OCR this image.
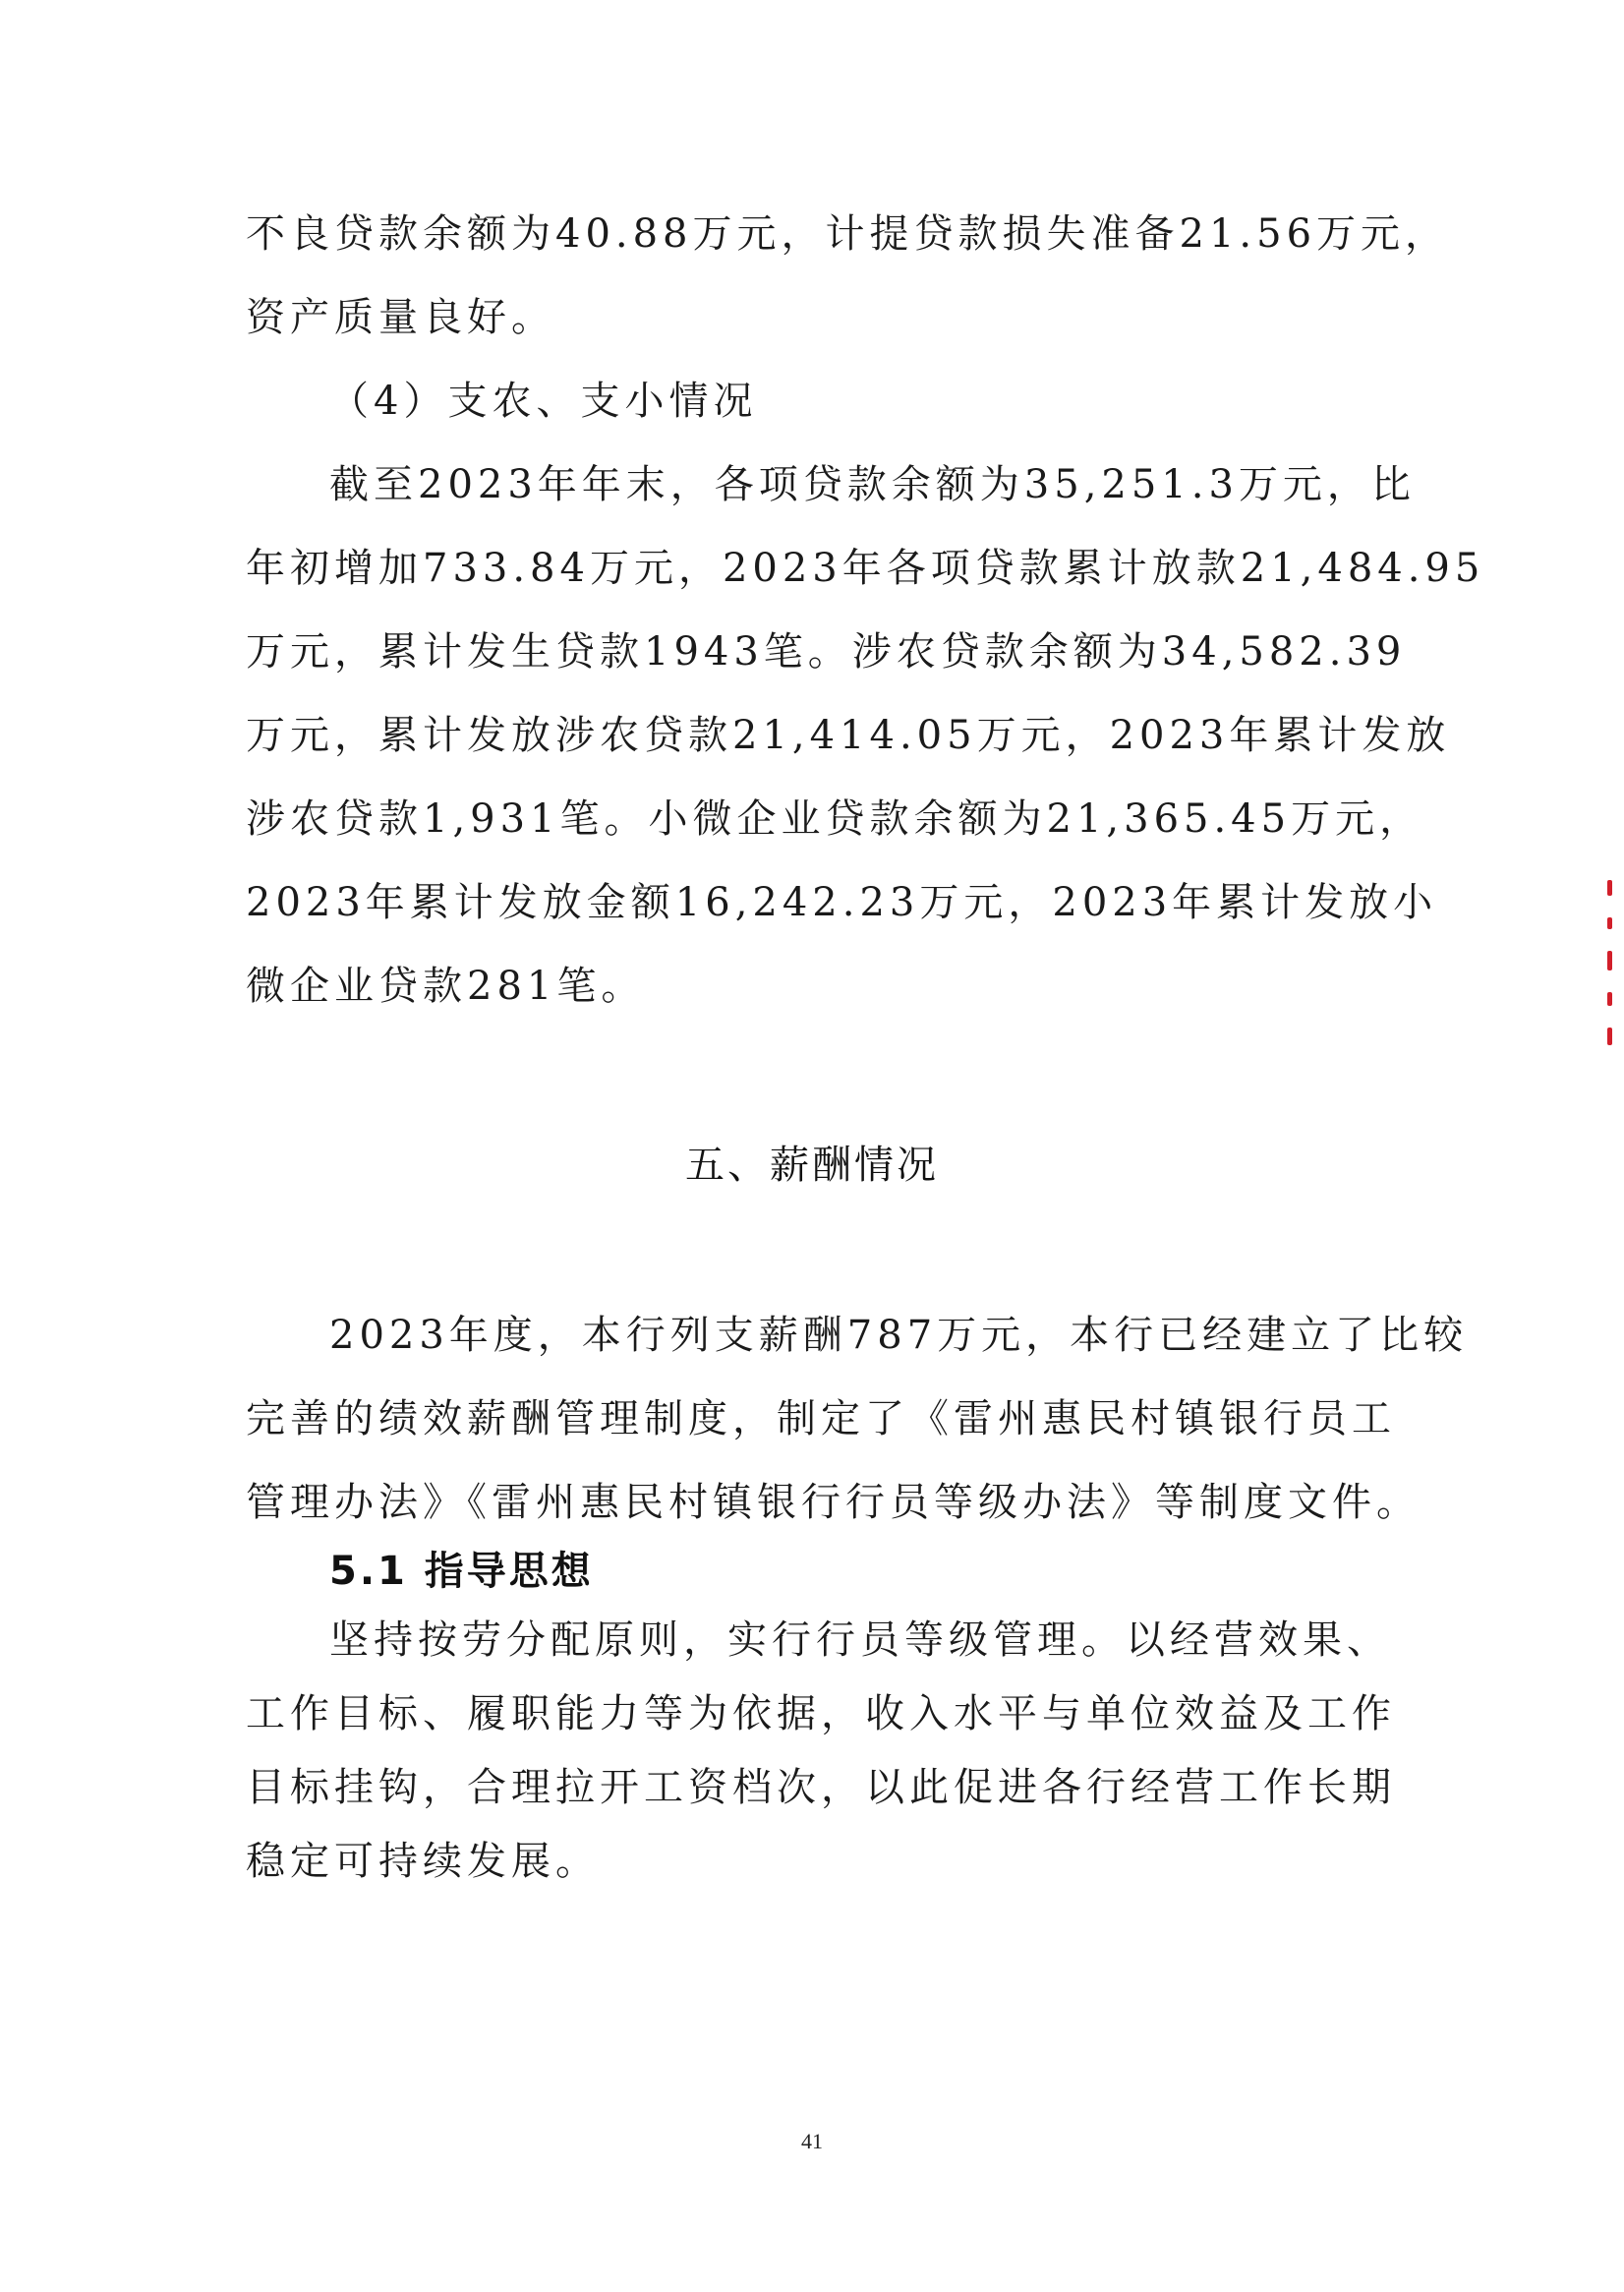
不良贷款余额为40.88万元，计提贷款损失准备21.56万元，
资产质量良好。
（4）支农、支小情况
截至2023年年末，各项贷款余额为35,251.3万元，比
年初增加733.84万元，2023年各项贷款累计放款21,484.95
万元，累计发生贷款1943笔。涉农贷款余额为34,582.39
万元，累计发放涉农贷款21,414.05万元，2023年累计发放
涉农贷款1,931笔。小微企业贷款余额为21,365.45万元，
2023年累计发放金额16,242.23万元，2023年累计发放小
微企业贷款281笔。
五、薪酬情况
2023年度，本行列支薪酬787万元，本行已经建立了比较
完善的绩效薪酬管理制度，制定了《雷州惠民村镇银行员工
管理办法》《雷州惠民村镇银行行员等级办法》等制度文件。
5.1 指导思想
坚持按劳分配原则，实行行员等级管理。以经营效果、
工作目标、履职能力等为依据，收入水平与单位效益及工作
目标挂钩，合理拉开工资档次，以此促进各行经营工作长期
稳定可持续发展。
41
